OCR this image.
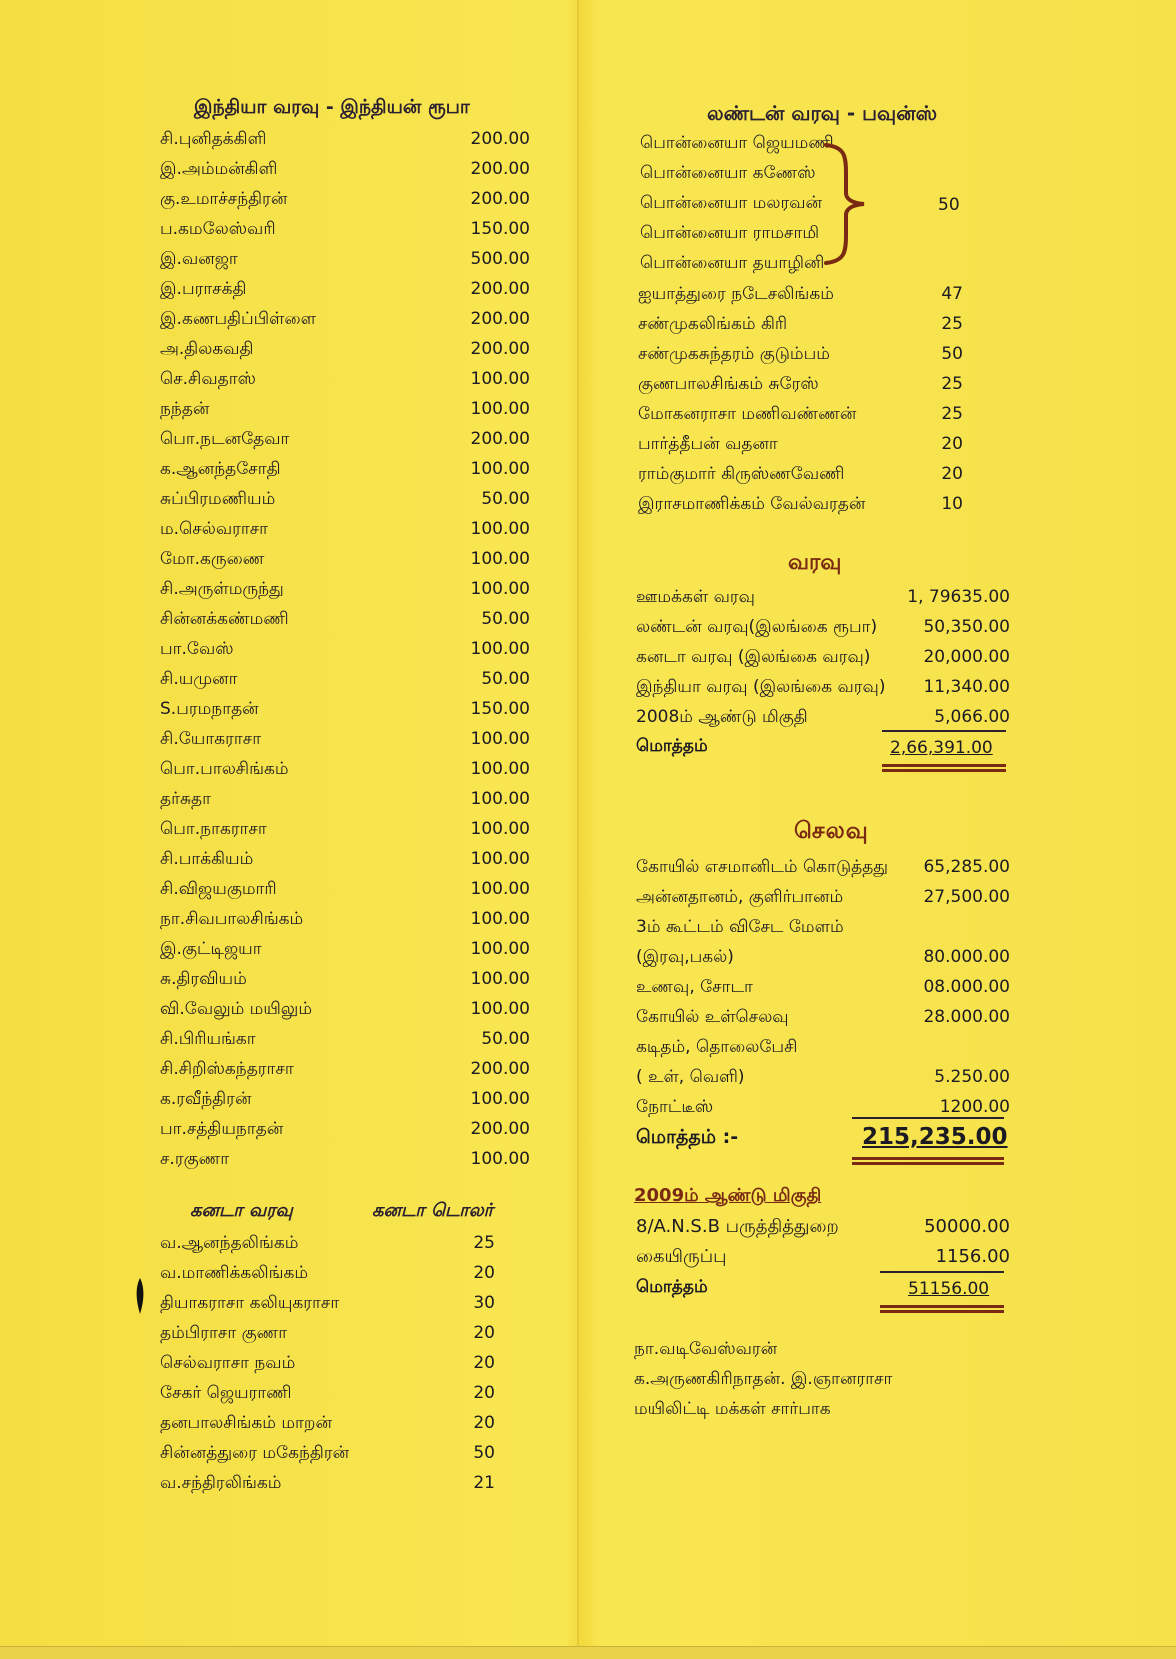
இந்தியா வரவு - இந்தியன் ரூபா
சி.புனிதக்கிளி	200.00
இ.அம்மன்கிளி	200.00
கு.உமாச்சந்திரன்	200.00
ப.கமலேஸ்வரி	150.00
இ.வனஜா	500.00
இ.பராசக்தி	200.00
இ.கணபதிப்பிள்ளை	200.00
அ.திலகவதி	200.00
செ.சிவதாஸ்	100.00
நந்தன்	100.00
பொ.நடனதேவா	200.00
க.ஆனந்தசோதி	100.00
சுப்பிரமணியம்	50.00
ம.செல்வராசா	100.00
மோ.கருணை	100.00
சி.அருள்மருந்து	100.00
சின்னக்கண்மணி	50.00
பா.வேஸ்	100.00
சி.யமுனா	50.00
S.பரமநாதன்	150.00
சி.யோகராசா	100.00
பொ.பாலசிங்கம்	100.00
தர்சுதா	100.00
பொ.நாகராசா	100.00
சி.பாக்கியம்	100.00
சி.விஜயகுமாரி	100.00
நா.சிவபாலசிங்கம்	100.00
இ.குட்டிஜயா	100.00
சு.திரவியம்	100.00
வி.வேலும் மயிலும்	100.00
சி.பிரியங்கா	50.00
சி.சிறிஸ்கந்தராசா	200.00
க.ரவீந்திரன்	100.00
பா.சத்தியநாதன்	200.00
ச.ரகுணா	100.00
கனடா வரவு	கனடா டொலர்
வ.ஆனந்தலிங்கம்	25
வ.மாணிக்கலிங்கம்	20
தியாகராசா கலியுகராசா	30
தம்பிராசா குணா	20
செல்வராசா நவம்	20
சேகர் ஜெயராணி	20
தனபாலசிங்கம் மாறன்	20
சின்னத்துரை மகேந்திரன்	50
வ.சந்திரலிங்கம்	21
லண்டன் வரவு - பவுன்ஸ்
பொன்னையா ஜெயமணி
பொன்னையா கணேஸ்
பொன்னையா மலரவன்
பொன்னையா ராமசாமி
பொன்னையா தயாழினி
50
ஐயாத்துரை நடேசலிங்கம்	47
சண்முகலிங்கம் கிரி	25
சண்முகசுந்தரம் குடும்பம்	50
குணபாலசிங்கம் சுரேஸ்	25
மோகனராசா மணிவண்ணன்	25
பார்த்தீபன் வதனா	20
ராம்குமார் கிருஸ்ணவேணி	20
இராசமாணிக்கம் வேல்வரதன்	10
வரவு
ஊமக்கள் வரவு	1, 79635.00
லண்டன் வரவு(இலங்கை ரூபா)	50,350.00
கனடா வரவு (இலங்கை வரவு)	20,000.00
இந்தியா வரவு (இலங்கை வரவு)	11,340.00
2008ம் ஆண்டு மிகுதி	5,066.00
மொத்தம்	2,66,391.00
செலவு
கோயில் எசமானிடம் கொடுத்தது	65,285.00
அன்னதானம், குளிர்பானம்	27,500.00
3ம் கூட்டம் விசேட மேளம்
(இரவு,பகல்)	80.000.00
உணவு, சோடா	08.000.00
கோயில் உள்செலவு	28.000.00
கடிதம், தொலைபேசி
( உள், வெளி)	5.250.00
நோட்டீஸ்	1200.00
மொத்தம் :-	215,235.00
2009ம் ஆண்டு மிகுதி
8/A.N.S.B பருத்தித்துறை	50000.00
கையிருப்பு	1156.00
மொத்தம்	51156.00
நா.வடிவேஸ்வரன்
க.அருணகிரிநாதன். இ.ஞானராசா
மயிலிட்டி மக்கள் சார்பாக
